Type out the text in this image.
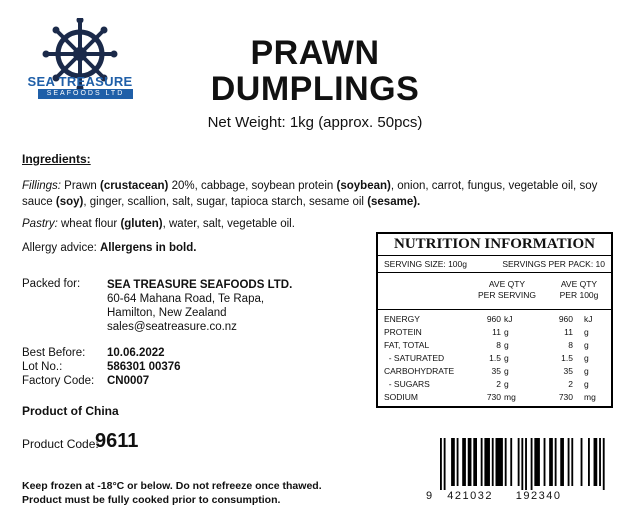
SEA TREASURE
SEAFOODS LTD
PRAWN
DUMPLINGS
Net Weight: 1kg (approx. 50pcs)
Ingredients:
Fillings: Prawn (crustacean) 20%, cabbage, soybean protein (soybean), onion, carrot, fungus, vegetable oil, soy sauce (soy), ginger, scallion, salt, sugar, tapioca starch, sesame oil (sesame).
Pastry: wheat flour (gluten), water, salt, vegetable oil.
Allergy advice: Allergens in bold.
Packed for: SEA TREASURE SEAFOODS LTD.
60-64 Mahana Road, Te Rapa,
Hamilton, New Zealand
sales@seatreasure.co.nz
Best Before: 10.06.2022
Lot No.:	586301 00376
Factory Code: CN0007
Product of China
Product Code:
9611
Keep frozen at -18°C or below. Do not refreeze once thawed.
Product must be fully cooked prior to consumption.
NUTRITION INFORMATION
SERVING SIZE: 100g	SERVINGS PER PACK: 10
AVE QTY
PER SERVING
AVE QTY
PER 100g
ENERGY	960 kJ	960 kJ
PROTEIN	11 g	11 g
FAT, TOTAL	8 g	8 g
- SATURATED	1.5 g	1.5 g
CARBOHYDRATE	35 g	35 g
- SUGARS	2 g	2 g
SODIUM	730 mg	730 mg
9 421032 192340
